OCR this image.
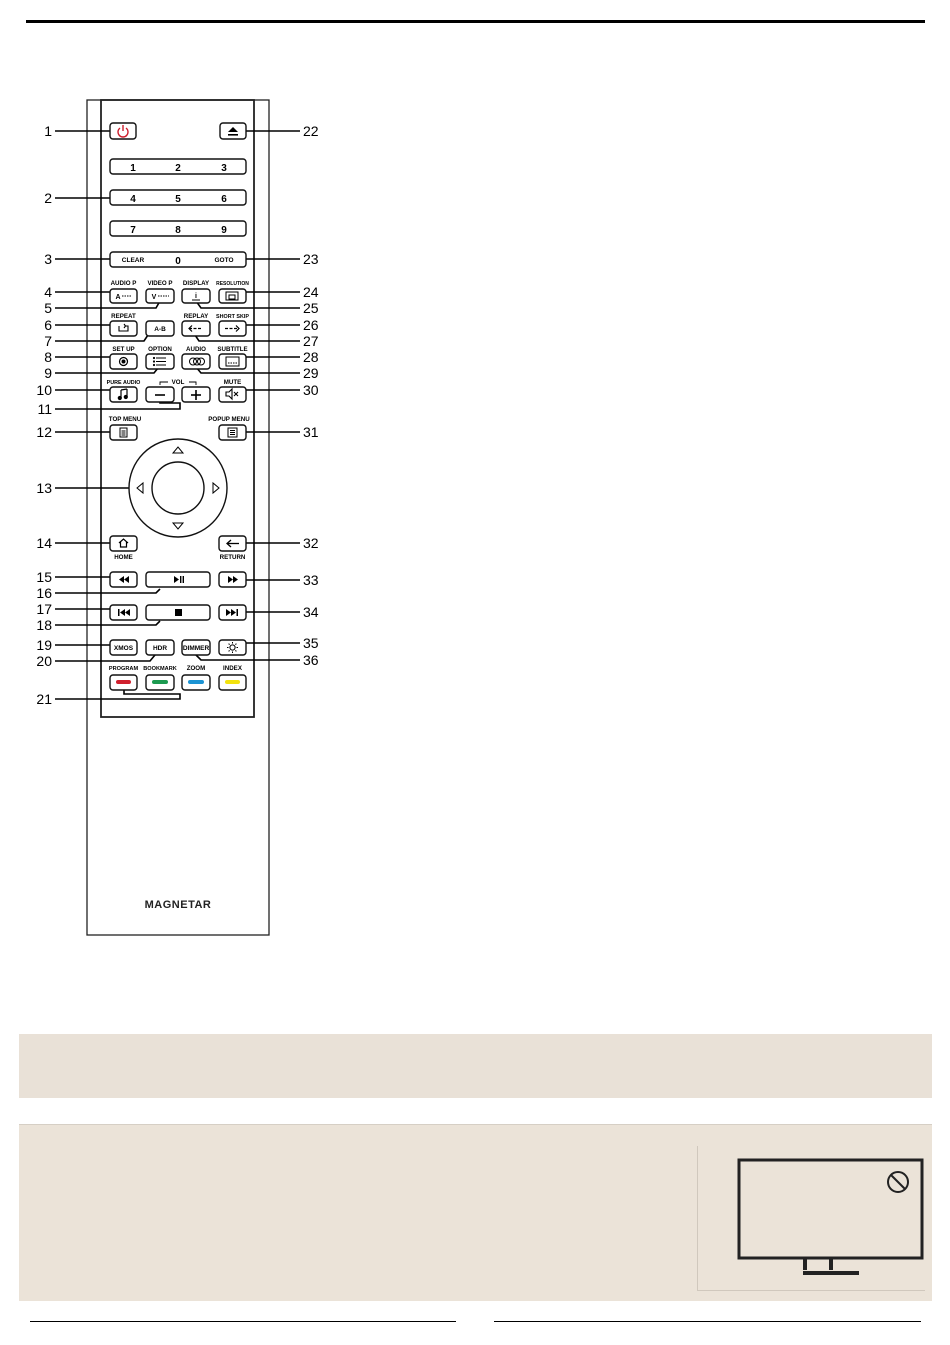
1
2
3
4
5
6
7
8
9
10
11
12
13
14
15
16
17
18
19
20
21
22
23
24
25
26
27
28
29
30
31
32
33
34
35
36
1	2	3
4	5	6
7	8	9
0
CLEAR	GOTO
A-B
XMOS	HDR DIMMER
A	V	i
AUDIO P VIDEO P DISPLAY RESOLUTION
REPEAT	REPLAY SHORT SKIP
SET UP OPTION AUDIO SUBTITLE
PURE AUDIO	VOL	MUTE
TOP MENU	POPUP MENU
HOME	RETURN
PROGRAM BOOKMARK ZOOM	INDEX
MAGNETAR
